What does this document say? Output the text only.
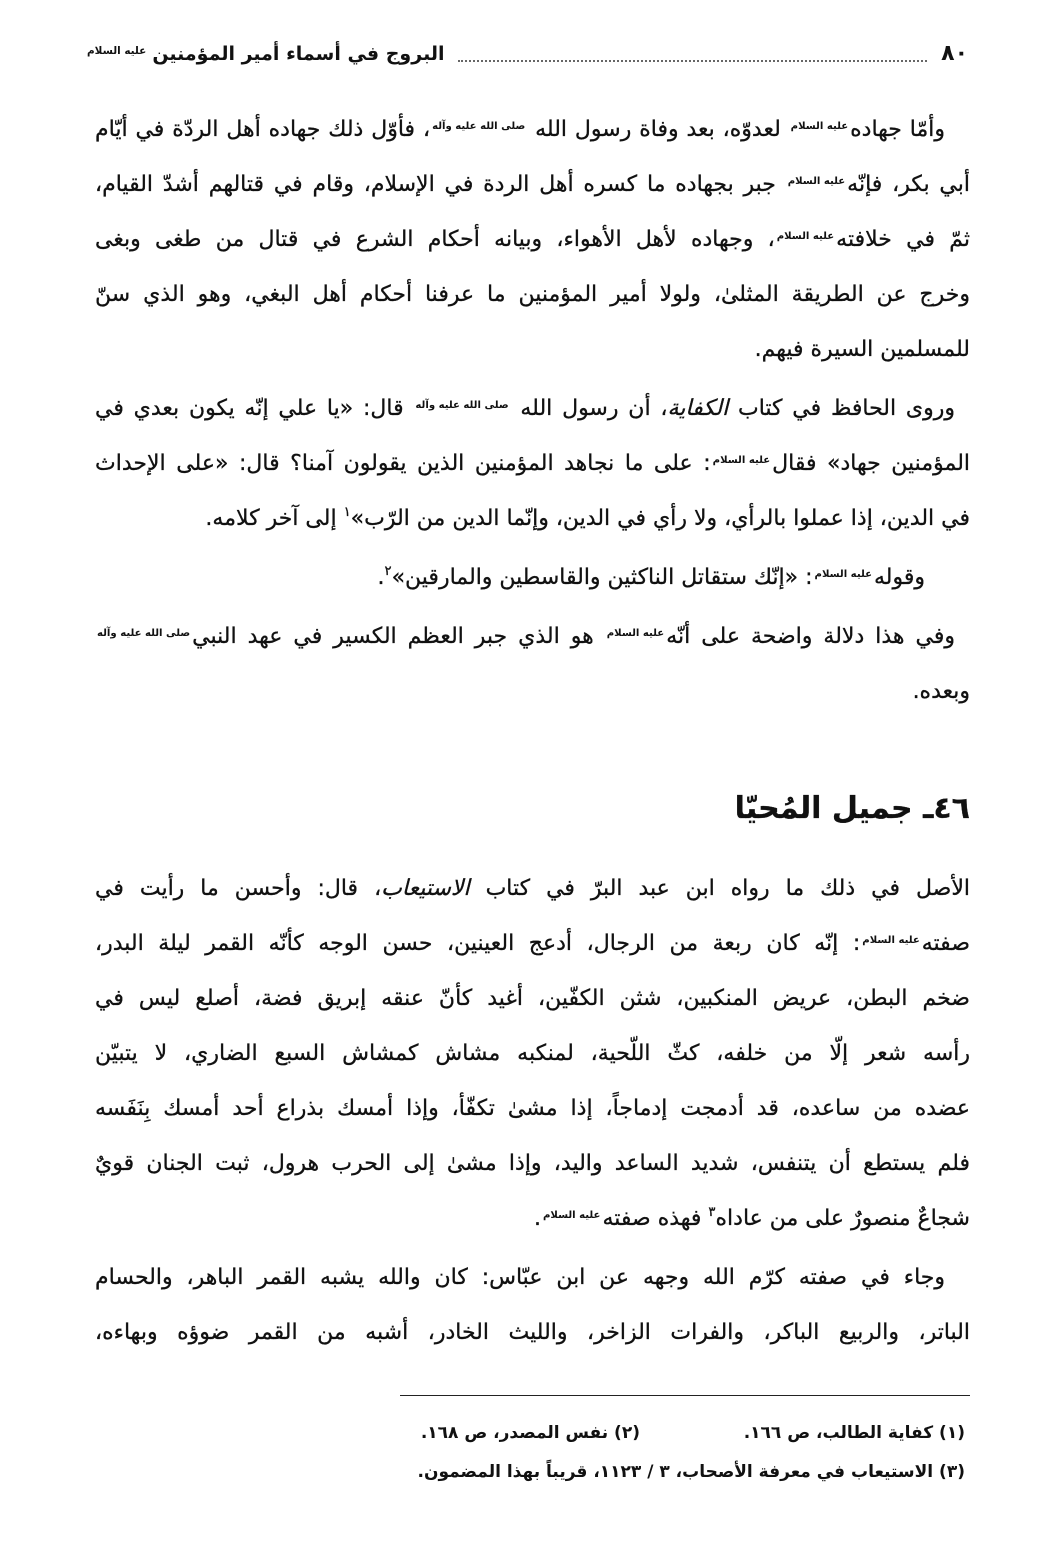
٨٠
البروج في أسماء أمير المؤمنينعليه السلام
وأمّا جهادهعليه السلام لعدوّه، بعد وفاة رسول الله صلى الله عليه وآله، فأوّل ذلك جهاده أهل الردّة في أيّام
أبي بكر، فإنّهعليه السلام جبر بجهاده ما كسره أهل الردة في الإسلام، وقام في قتالهم أشدّ القيام،
ثمّ في خلافتهعليه السلام، وجهاده لأهل الأهواء، وبيانه أحكام الشرع في قتال من طغى وبغى
وخرج عن الطريقة المثلىٰ، ولولا أمير المؤمنين ما عرفنا أحكام أهل البغي، وهو الذي سنّ
للمسلمين السيرة فيهم.
وروى الحافظ في كتاب الكفاية، أن رسول الله صلى الله عليه وآله قال: «يا علي إنّه يكون بعدي في
المؤمنين جهاد» فقالعليه السلام: على ما نجاهد المؤمنين الذين يقولون آمنا؟ قال: «على الإحداث
في الدين، إذا عملوا بالرأي، ولا رأي في الدين، وإنّما الدين من الرّب»$^١$ إلى آخر كلامه.
وقولهعليه السلام: «إنّك ستقاتل الناكثين والقاسطين والمارقين»$^٢$.
وفي هذا دلالة واضحة على أنّهعليه السلام هو الذي جبر العظم الكسير في عهد النبيصلى الله عليه وآله
وبعده.
٤٦ـ جميل المُحيّا
الأصل في ذلك ما رواه ابن عبد البرّ في كتاب الاستيعاب، قال: وأحسن ما رأيت في
صفتهعليه السلام: إنّه كان ربعة من الرجال، أدعج العينين، حسن الوجه كأنّه القمر ليلة البدر،
ضخم البطن، عريض المنكبين، شثن الكفّين، أغيد كأنّ عنقه إبريق فضة، أصلع ليس في
رأسه شعر إلّا من خلفه، كثّ اللّحية، لمنكبه مشاش كمشاش السبع الضاري، لا يتبيّن
عضده من ساعده، قد أدمجت إدماجاً، إذا مشىٰ تكفّأ، وإذا أمسك بذراع أحد أمسك بِنَفَسه
فلم يستطع أن يتنفس، شديد الساعد واليد، وإذا مشىٰ إلى الحرب هرول، ثبت الجنان قويٌ
شجاعٌ منصورٌ على من عاداه$^٣$ فهذه صفتهعليه السلام.
وجاء في صفته كرّم الله وجهه عن ابن عبّاس: كان والله يشبه القمر الباهر، والحسام
الباتر، والربيع الباكر، والفرات الزاخر، والليث الخادر، أشبه من القمر ضوؤه وبهاءه،
(١) كفاية الطالب، ص ١٦٦.
(٢) نفس المصدر، ص ١٦٨.
(٣) الاستيعاب في معرفة الأصحاب، ٣ / ١١٢٣، قريباً بهذا المضمون.
